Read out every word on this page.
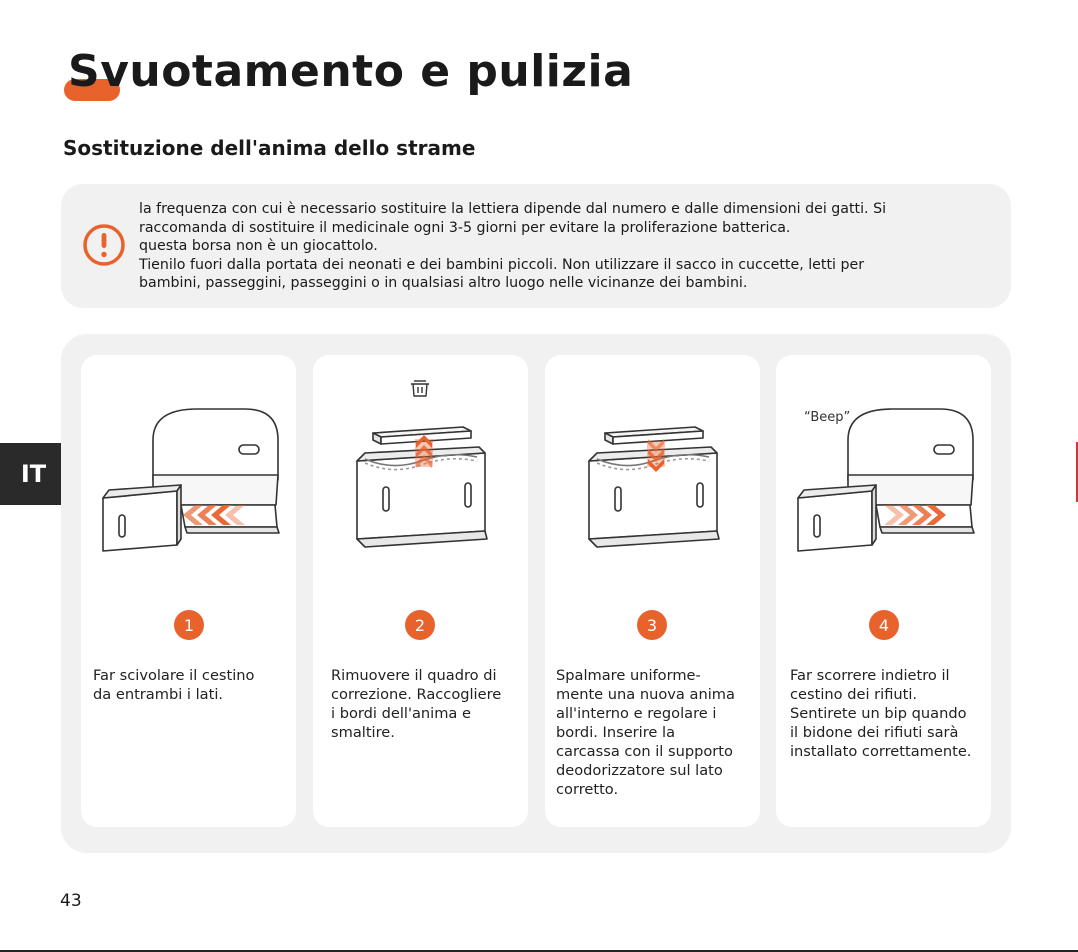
Svuotamento e pulizia
Sostituzione dell'anima dello strame
la frequenza con cui è necessario sostituire la lettiera dipende dal numero e dalle dimensioni dei gatti. Si
raccomanda di sostituire il medicinale ogni 3-5 giorni per evitare la proliferazione batterica.
questa borsa non è un giocattolo.
Tienilo fuori dalla portata dei neonati e dei bambini piccoli. Non utilizzare il sacco in cuccette, letti per
bambini, passeggini, passeggini o in qualsiasi altro luogo nelle vicinanze dei bambini.
IT
1
Far scivolare il cestino
da entrambi i lati.
2
Rimuovere il quadro di
correzione. Raccogliere
i bordi dell'anima e
smaltire.
3
Spalmare uniforme-
mente una nuova anima
all'interno e regolare i
bordi. Inserire la
carcassa con il supporto
deodorizzatore sul lato
corretto.
“Beep”
4
Far scorrere indietro il
cestino dei rifiuti.
Sentirete un bip quando
il bidone dei rifiuti sarà
installato correttamente.
43
